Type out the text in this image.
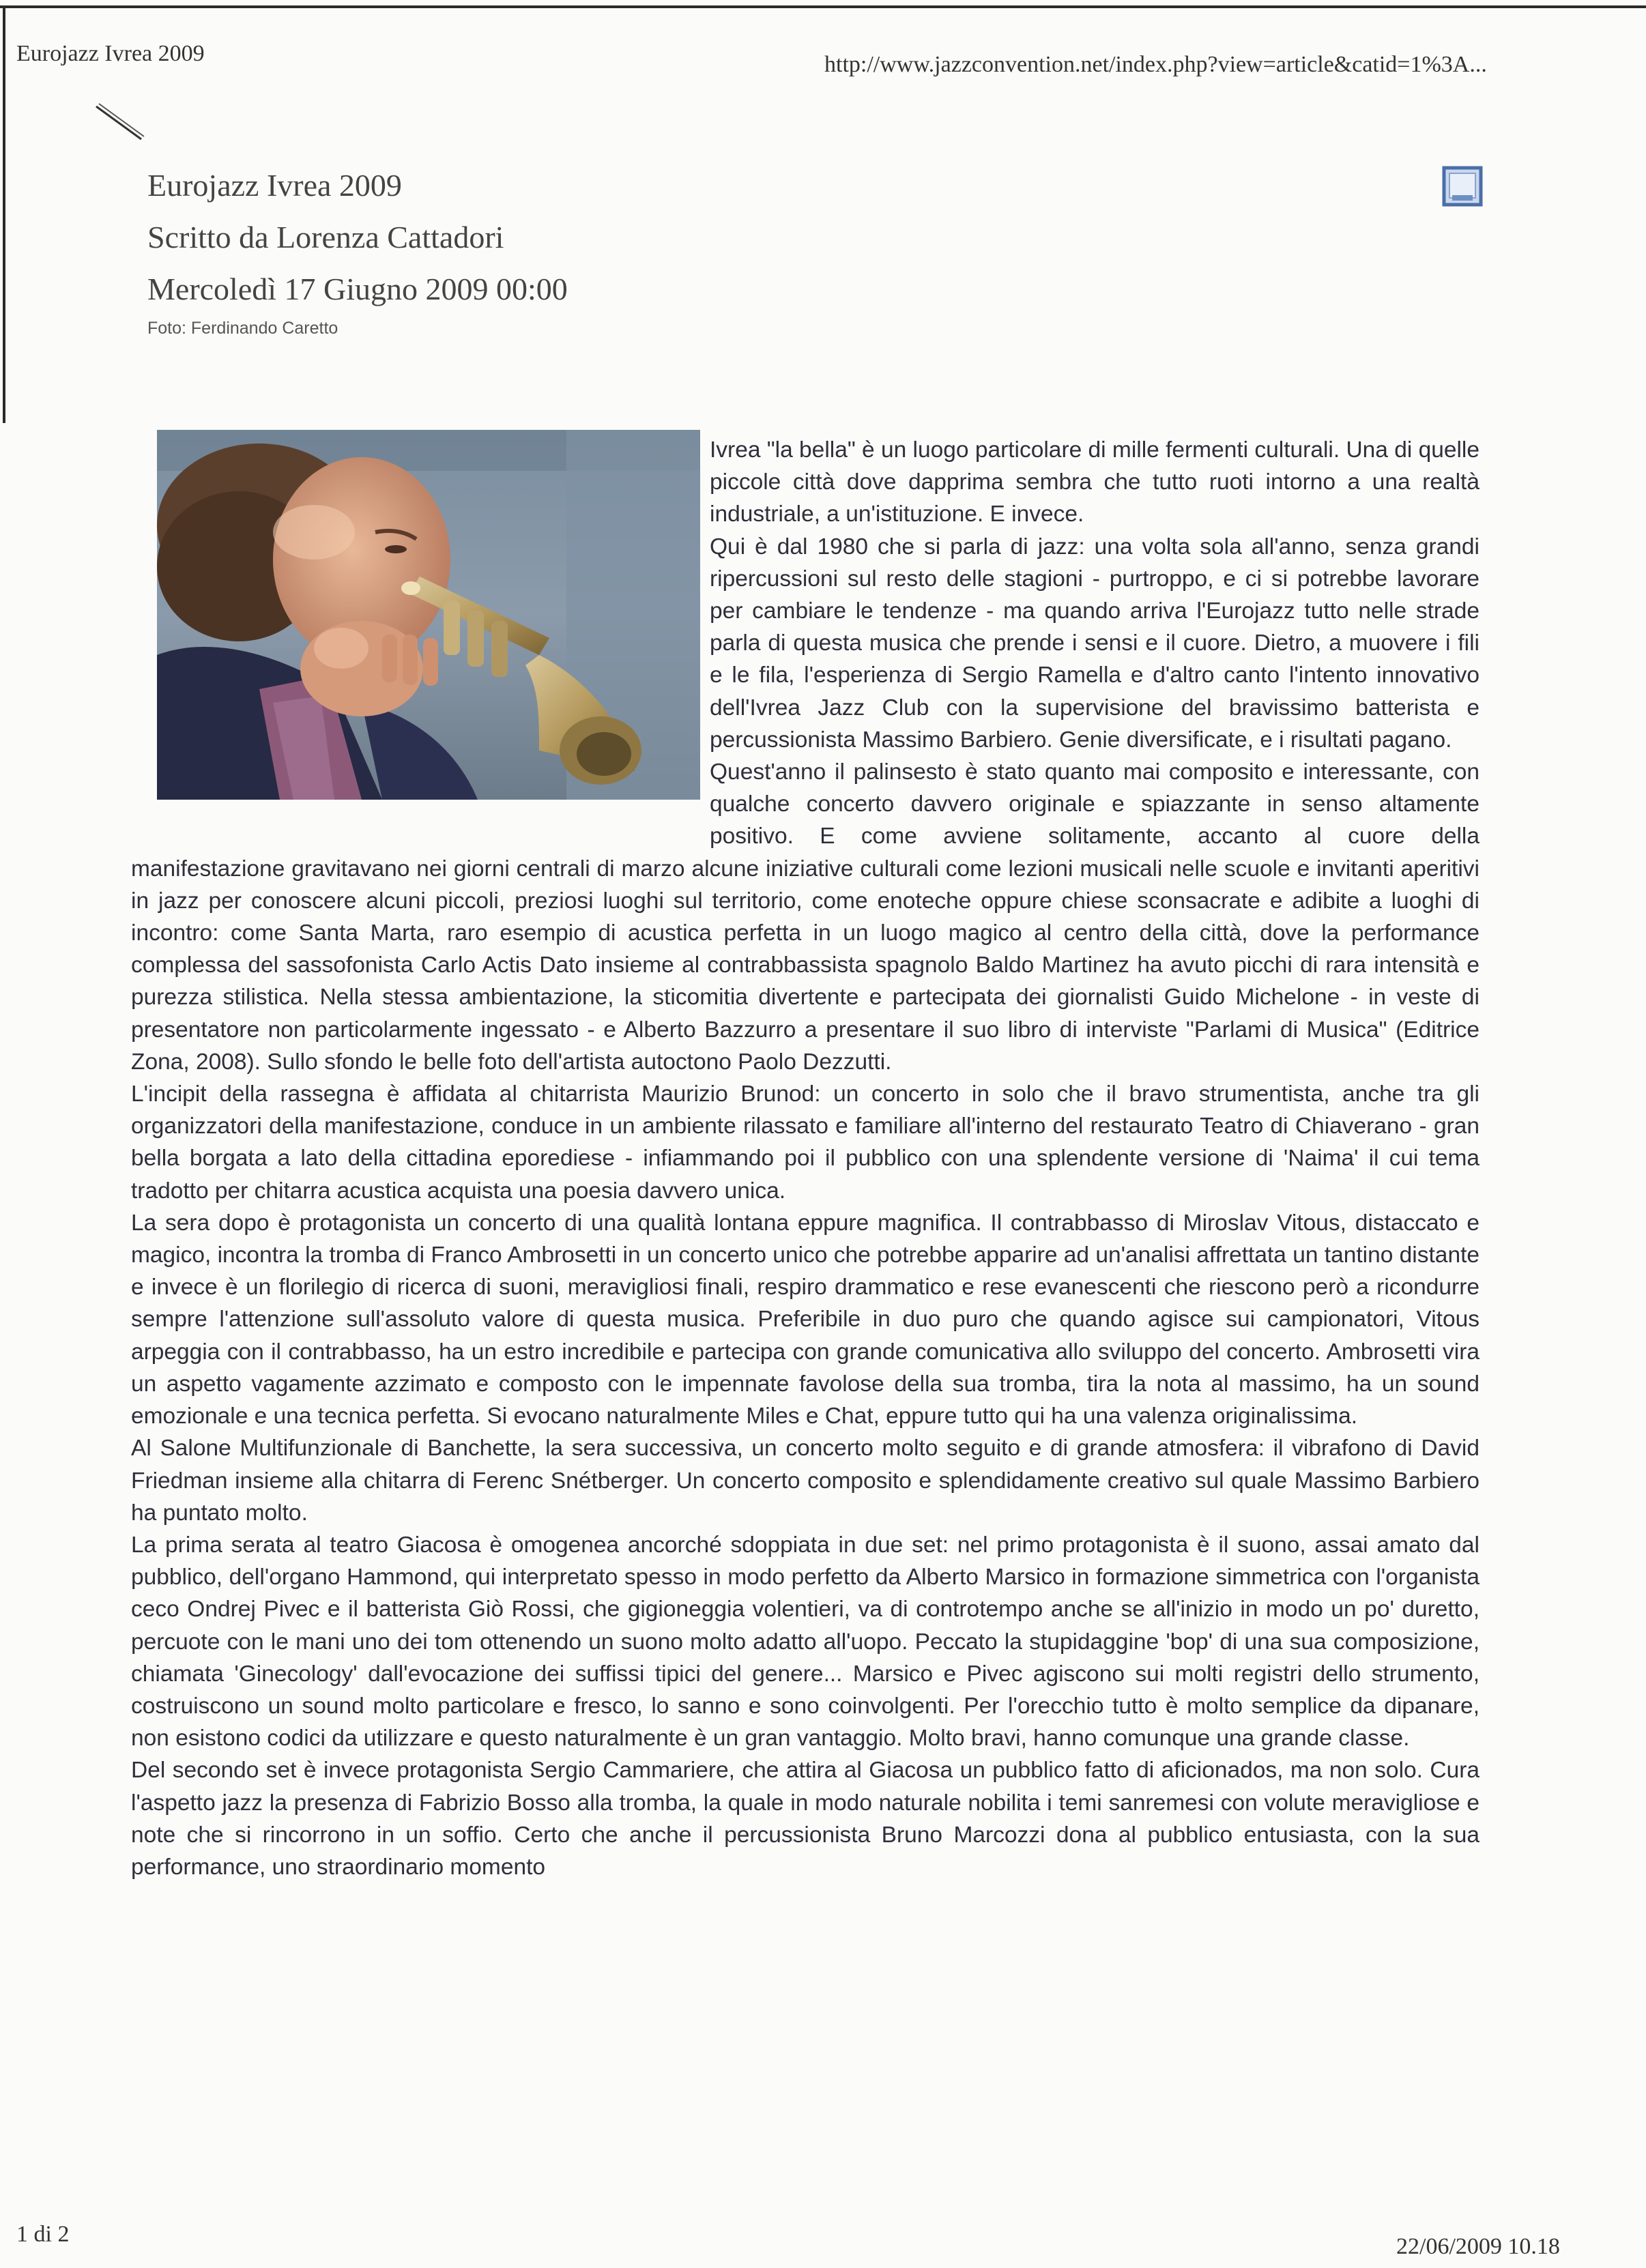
Eurojazz Ivrea 2009	http://www.jazzconvention.net/index.php?view=article&catid=1%3A...
Eurojazz Ivrea 2009
Scritto da Lorenza Cattadori
Mercoledì 17 Giugno 2009 00:00
Foto: Ferdinando Caretto

Ivrea "la bella" è un luogo particolare di mille fermenti culturali. Una di quelle piccole città dove dapprima sembra che tutto ruoti intorno a una realtà industriale, a un'istituzione. E invece.

Qui è dal 1980 che si parla di jazz: una volta sola all'anno, senza grandi ripercussioni sul resto delle stagioni - purtroppo, e ci si potrebbe lavorare per cambiare le tendenze - ma quando arriva l'Eurojazz tutto nelle strade parla di questa musica che prende i sensi e il cuore. Dietro, a muovere i fili e le fila, l'esperienza di Sergio Ramella e d'altro canto l'intento innovativo dell'Ivrea Jazz Club con la supervisione del bravissimo batterista e percussionista Massimo Barbiero. Genie diversificate, e i risultati pagano.

Quest'anno il palinsesto è stato quanto mai composito e interessante, con qualche concerto davvero originale e spiazzante in senso altamente positivo. E come avviene solitamente, accanto al cuore della manifestazione gravitavano nei giorni centrali di marzo alcune iniziative culturali come lezioni musicali nelle scuole e invitanti aperitivi in jazz per conoscere alcuni piccoli, preziosi luoghi sul territorio, come enoteche oppure chiese sconsacrate e adibite a luoghi di incontro: come Santa Marta, raro esempio di acustica perfetta in un luogo magico al centro della città, dove la performance complessa del sassofonista Carlo Actis Dato insieme al contrabbassista spagnolo Baldo Martinez ha avuto picchi di rara intensità e purezza stilistica. Nella stessa ambientazione, la sticomitia divertente e partecipata dei giornalisti Guido Michelone - in veste di presentatore non particolarmente ingessato - e Alberto Bazzurro a presentare il suo libro di interviste "Parlami di Musica" (Editrice Zona, 2008). Sullo sfondo le belle foto dell'artista autoctono Paolo Dezzutti.

L'incipit della rassegna è affidata al chitarrista Maurizio Brunod: un concerto in solo che il bravo strumentista, anche tra gli organizzatori della manifestazione, conduce in un ambiente rilassato e familiare all'interno del restaurato Teatro di Chiaverano - gran bella borgata a lato della cittadina eporediese - infiammando poi il pubblico con una splendente versione di 'Naima' il cui tema tradotto per chitarra acustica acquista una poesia davvero unica.

La sera dopo è protagonista un concerto di una qualità lontana eppure magnifica. Il contrabbasso di Miroslav Vitous, distaccato e magico, incontra la tromba di Franco Ambrosetti in un concerto unico che potrebbe apparire ad un'analisi affrettata un tantino distante e invece è un florilegio di ricerca di suoni, meravigliosi finali, respiro drammatico e rese evanescenti che riescono però a ricondurre sempre l'attenzione sull'assoluto valore di questa musica. Preferibile in duo puro che quando agisce sui campionatori, Vitous arpeggia con il contrabbasso, ha un estro incredibile e partecipa con grande comunicativa allo sviluppo del concerto. Ambrosetti vira un aspetto vagamente azzimato e composto con le impennate favolose della sua tromba, tira la nota al massimo, ha un sound emozionale e una tecnica perfetta. Si evocano naturalmente Miles e Chat, eppure tutto qui ha una valenza originalissima.

Al Salone Multifunzionale di Banchette, la sera successiva, un concerto molto seguito e di grande atmosfera: il vibrafono di David Friedman insieme alla chitarra di Ferenc Snétberger. Un concerto composito e splendidamente creativo sul quale Massimo Barbiero ha puntato molto.

La prima serata al teatro Giacosa è omogenea ancorché sdoppiata in due set: nel primo protagonista è il suono, assai amato dal pubblico, dell'organo Hammond, qui interpretato spesso in modo perfetto da Alberto Marsico in formazione simmetrica con l'organista ceco Ondrej Pivec e il batterista Giò Rossi, che gigioneggia volentieri, va di controtempo anche se all'inizio in modo un po' duretto, percuote con le mani uno dei tom ottenendo un suono molto adatto all'uopo. Peccato la stupidaggine 'bop' di una sua composizione, chiamata 'Ginecology' dall'evocazione dei suffissi tipici del genere... Marsico e Pivec agiscono sui molti registri dello strumento, costruiscono un sound molto particolare e fresco, lo sanno e sono coinvolgenti. Per l'orecchio tutto è molto semplice da dipanare, non esistono codici da utilizzare e questo naturalmente è un gran vantaggio. Molto bravi, hanno comunque una grande classe.

Del secondo set è invece protagonista Sergio Cammariere, che attira al Giacosa un pubblico fatto di aficionados, ma non solo. Cura l'aspetto jazz la presenza di Fabrizio Bosso alla tromba, la quale in modo naturale nobilita i temi sanremesi con volute meravigliose e note che si rincorrono in un soffio. Certo che anche il percussionista Bruno Marcozzi dona al pubblico entusiasta, con la sua performance, uno straordinario momento

1 di 2	22/06/2009 10.18
